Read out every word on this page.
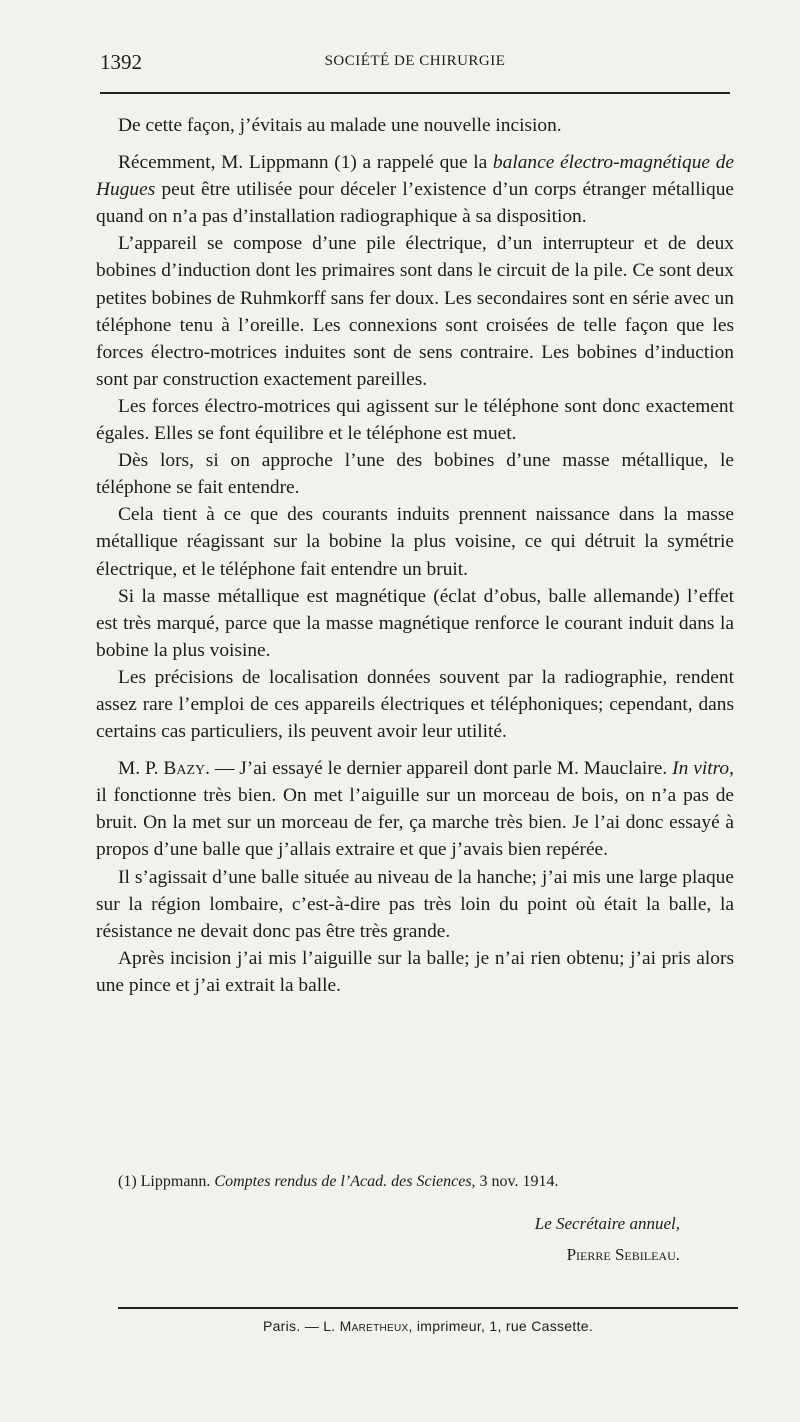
1392	SOCIÉTÉ DE CHIRURGIE

De cette façon, j’évitais au malade une nouvelle incision.

Récemment, M. Lippmann (1) a rappelé que la balance électro-magnétique de Hugues peut être utilisée pour déceler l’existence d’un corps étranger métallique quand on n’a pas d’installation radiographique à sa disposition.

L’appareil se compose d’une pile électrique, d’un interrupteur et de deux bobines d’induction dont les primaires sont dans le circuit de la pile. Ce sont deux petites bobines de Ruhmkorff sans fer doux. Les secondaires sont en série avec un téléphone tenu à l’oreille. Les connexions sont croisées de telle façon que les forces électro-motrices induites sont de sens contraire. Les bobines d’induction sont par construction exactement pareilles.

Les forces électro-motrices qui agissent sur le téléphone sont donc exactement égales. Elles se font équilibre et le téléphone est muet.

Dès lors, si on approche l’une des bobines d’une masse métallique, le téléphone se fait entendre.

Cela tient à ce que des courants induits prennent naissance dans la masse métallique réagissant sur la bobine la plus voisine, ce qui détruit la symétrie électrique, et le téléphone fait entendre un bruit.

Si la masse métallique est magnétique (éclat d’obus, balle allemande) l’effet est très marqué, parce que la masse magnétique renforce le courant induit dans la bobine la plus voisine.

Les précisions de localisation données souvent par la radiographie, rendent assez rare l’emploi de ces appareils électriques et téléphoniques; cependant, dans certains cas particuliers, ils peuvent avoir leur utilité.

M. P. Bazy. — J’ai essayé le dernier appareil dont parle M. Mauclaire. In vitro, il fonctionne très bien. On met l’aiguille sur un morceau de bois, on n’a pas de bruit. On la met sur un morceau de fer, ça marche très bien. Je l’ai donc essayé à propos d’une balle que j’allais extraire et que j’avais bien repérée.

Il s’agissait d’une balle située au niveau de la hanche; j’ai mis une large plaque sur la région lombaire, c’est-à-dire pas très loin du point où était la balle, la résistance ne devait donc pas être très grande.

Après incision j’ai mis l’aiguille sur la balle; je n’ai rien obtenu; j’ai pris alors une pince et j’ai extrait la balle.

(1) Lippmann. Comptes rendus de l’Acad. des Sciences, 3 nov. 1914.
Le Secrétaire annuel,
Pierre Sebileau.
Paris. — L. Maretheux, imprimeur, 1, rue Cassette.
